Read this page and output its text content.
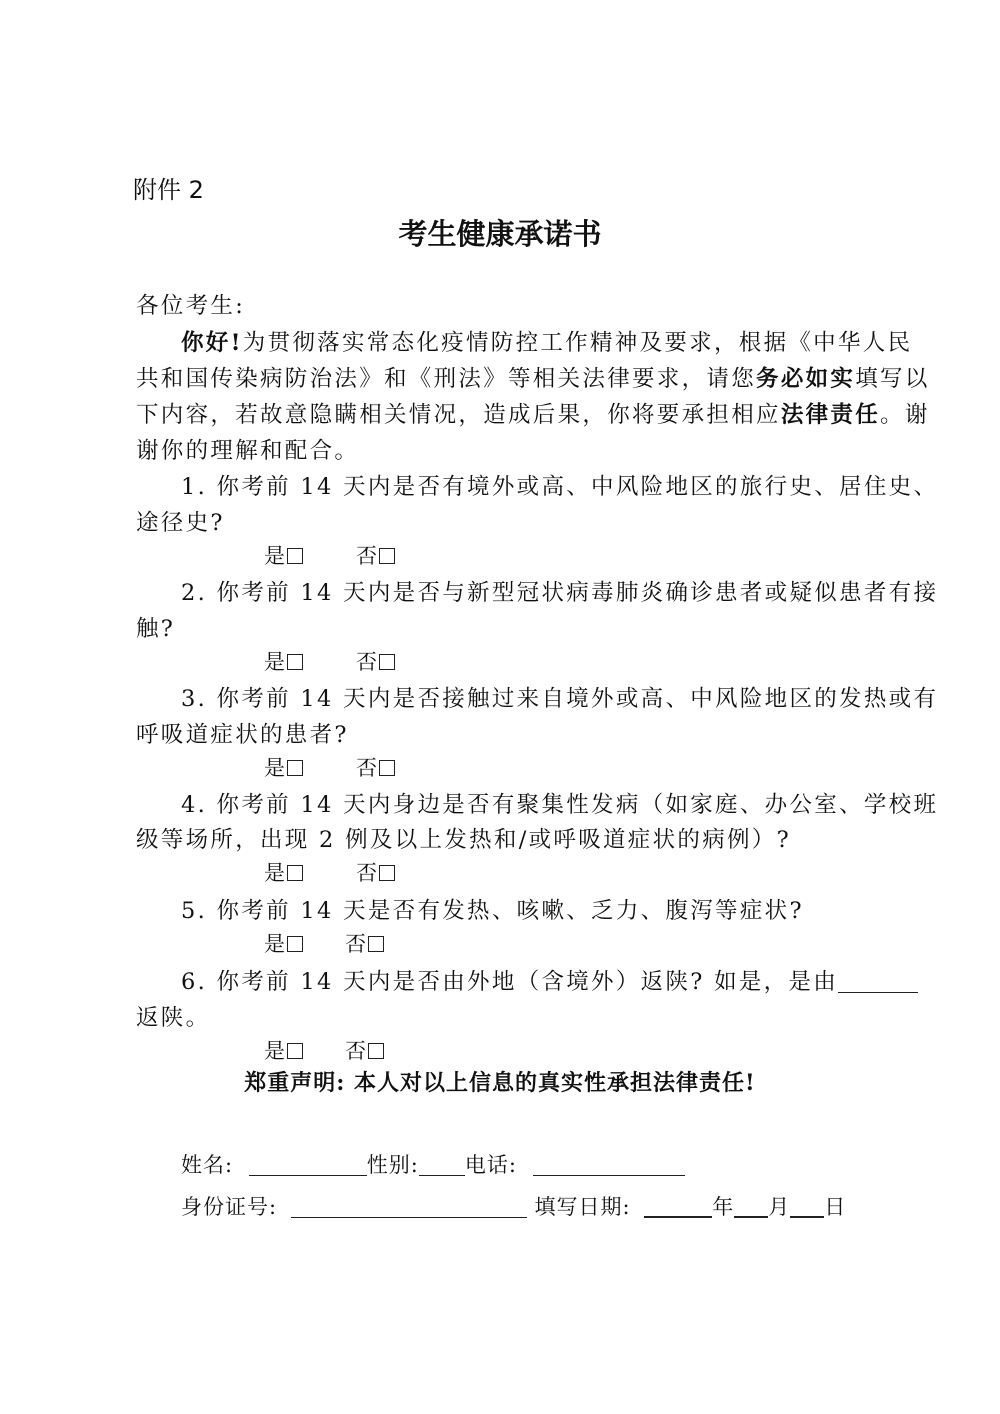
附件 2
考生健康承诺书
各位考生:
你好!为贯彻落实常态化疫情防控工作精神及要求，根据《中华人民
共和国传染病防治法》和《刑法》等相关法律要求，请您务必如实填写以
下内容，若故意隐瞒相关情况，造成后果，你将要承担相应法律责任。谢
谢你的理解和配合。
1. 你考前 14 天内是否有境外或高、中风险地区的旅行史、居住史、
途径史?
2. 你考前 14 天内是否与新型冠状病毒肺炎确诊患者或疑似患者有接
触?
3. 你考前 14 天内是否接触过来自境外或高、中风险地区的发热或有
呼吸道症状的患者?
4. 你考前 14 天内身边是否有聚集性发病（如家庭、办公室、学校班
级等场所，出现 2 例及以上发热和/或呼吸道症状的病例）?
5. 你考前 14 天是否有发热、咳嗽、乏力、腹泻等症状?
6. 你考前 14 天内是否由外地（含境外）返陕? 如是，是由
返陕。
是	否
是	否
是	否
是	否
是	否
是	否
郑重声明: 本人对以上信息的真实性承担法律责任!
姓名:	性别: 电话:
身份证号:	填写日期:	年 月 日
